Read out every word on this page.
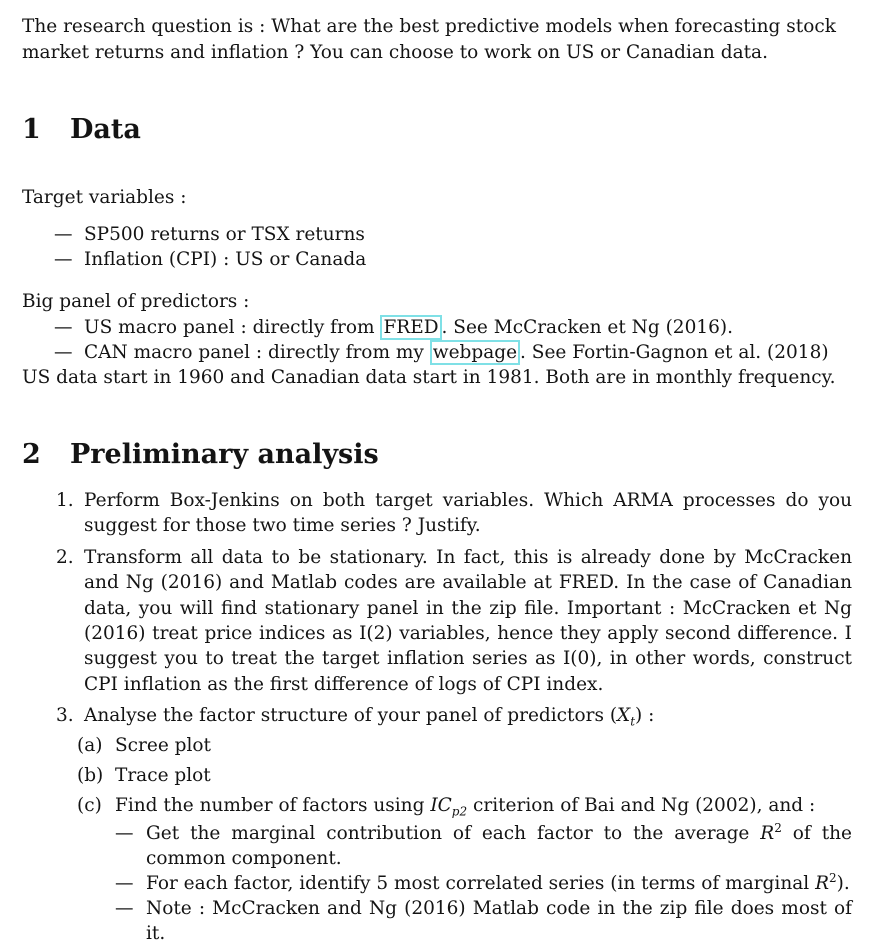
The research question is : What are the best predictive models when forecasting stock market returns and inflation ? You can choose to work on US or Canadian data.

1	Data

Target variables :

— SP500 returns or TSX returns
— Inflation (CPI) : US or Canada

Big panel of predictors :

— US macro panel : directly from FRED . See McCracken et Ng (2016).
— CAN macro panel : directly from my webpage . See Fortin-Gagnon et al. (2018)

US data start in 1960 and Canadian data start in 1981. Both are in monthly frequency.

2	Preliminary analysis
1. Perform Box-Jenkins on both target variables. Which ARMA processes do you suggest for those two time series ? Justify.
2. Transform all data to be stationary. In fact, this is already done by McCracken and Ng (2016) and Matlab codes are available at FRED. In the case of Canadian data, you will find stationary panel in the zip file. Important : McCracken et Ng (2016) treat price indices as I(2) variables, hence they apply second difference. I suggest you to treat the target inflation series as I(0), in other words, construct CPI inflation as the first difference of logs of CPI index.
3. Analyse the factor structure of your panel of predictors $(X_t)$ :
(a) Scree plot
(b) Trace plot
(c) Find the number of factors using $IC_{p2}$ criterion of Bai and Ng (2002), and :
— Get the marginal contribution of each factor to the average $R^2$ of the common component.
— For each factor, identify 5 most correlated series (in terms of marginal $R^2$).
— Note : McCracken and Ng (2016) Matlab code in the zip file does most of it.
